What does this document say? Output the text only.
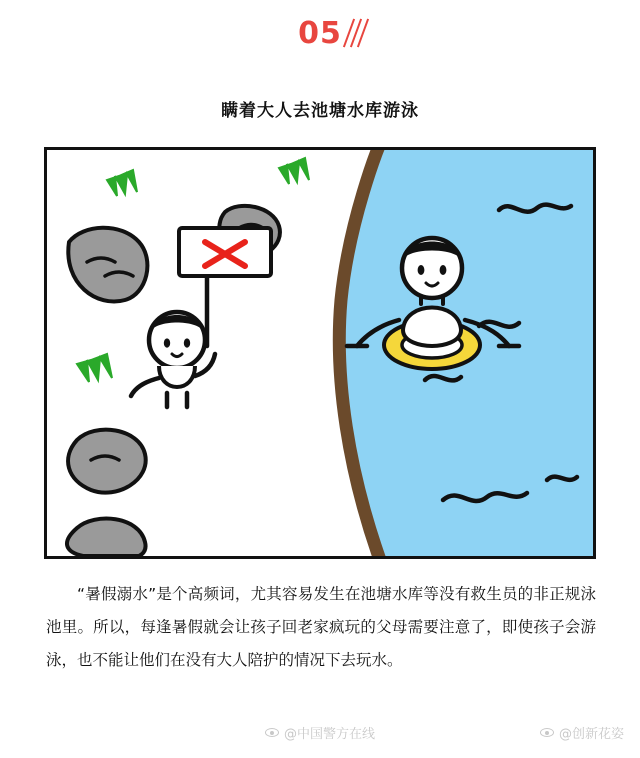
05
瞒着大人去池塘水库游泳
“暑假溺水”是个高频词，尤其容易发生在池塘水库等没有救生员的非正规泳池里。所以，每逢暑假就会让孩子回老家疯玩的父母需要注意了，即使孩子会游泳，也不能让他们在没有大人陪护的情况下去玩水。
@中国警方在线	@创新花姿
